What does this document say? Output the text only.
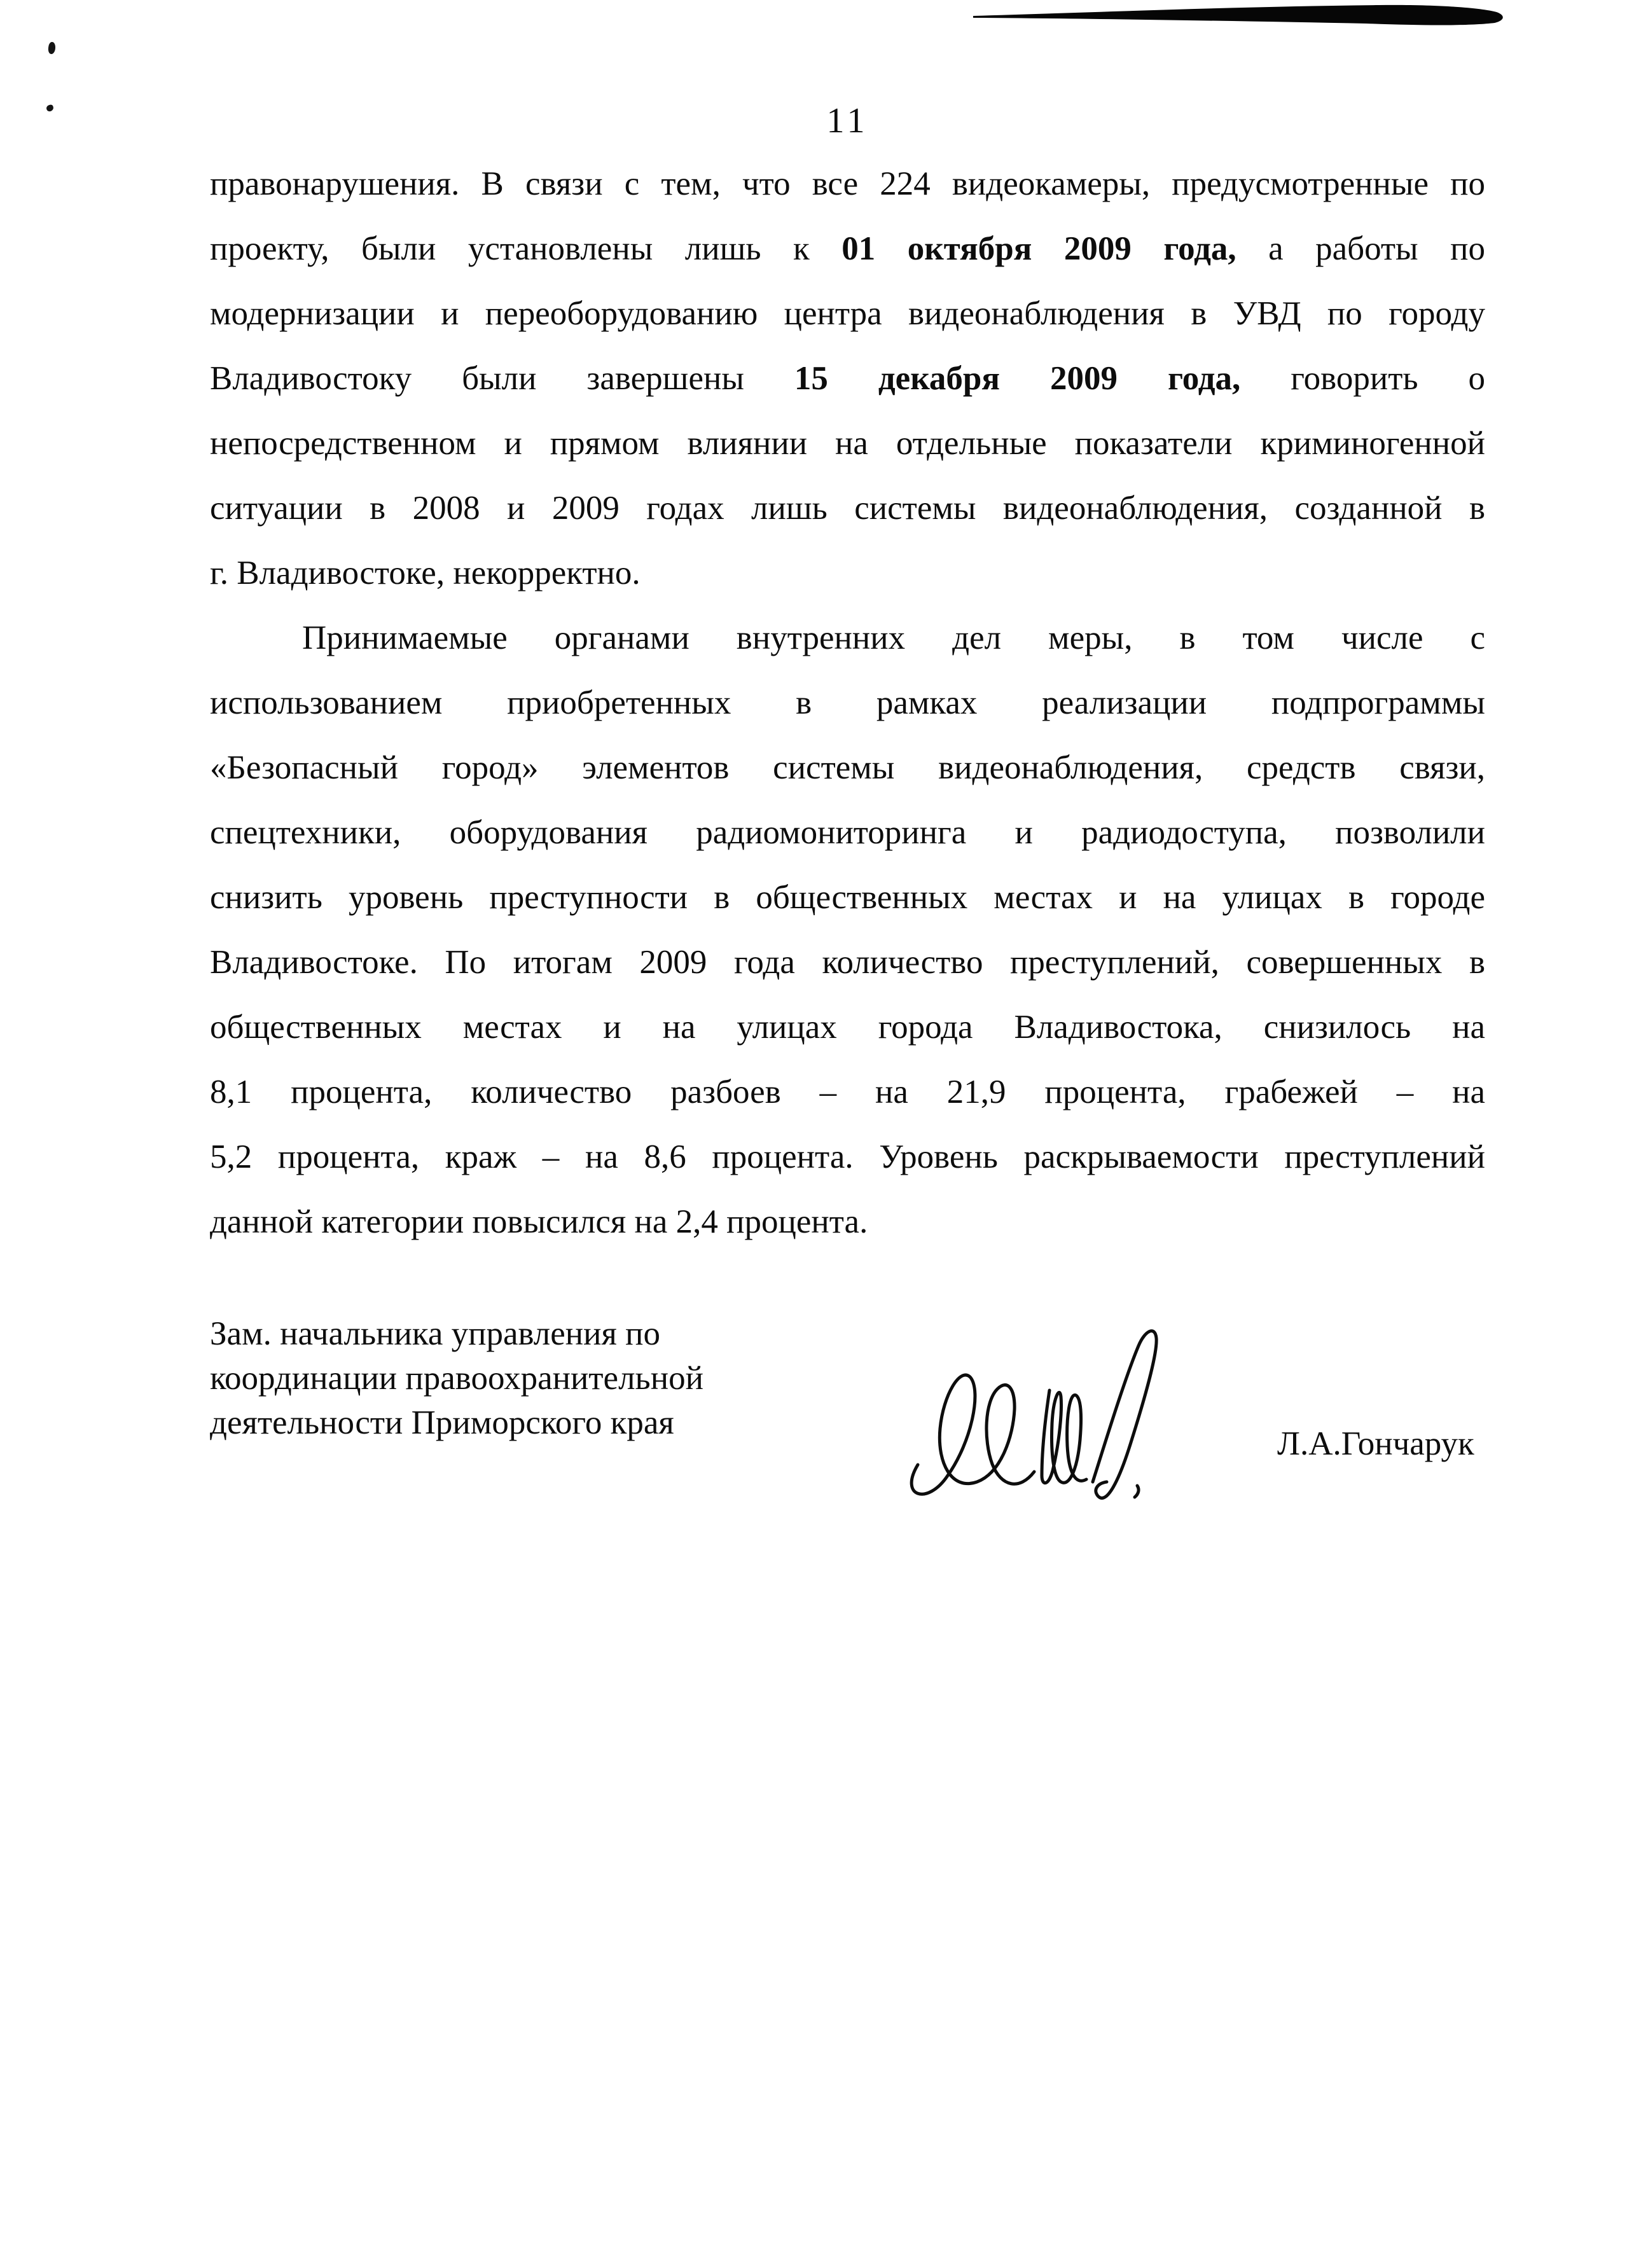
11
правонарушения. В связи с тем, что все 224 видеокамеры, предусмотренные по
проекту, были установлены лишь к 01 октября 2009 года, а работы по
модернизации и переоборудованию центра видеонаблюдения в УВД по городу
Владивостоку были завершены 15 декабря 2009 года, говорить о
непосредственном и прямом влиянии на отдельные показатели криминогенной
ситуации в 2008 и 2009 годах лишь системы видеонаблюдения, созданной в
г. Владивостоке, некорректно.
Принимаемые органами внутренних дел меры, в том числе с
использованием приобретенных в рамках реализации подпрограммы
«Безопасный город» элементов системы видеонаблюдения, средств связи,
спецтехники, оборудования радиомониторинга и радиодоступа, позволили
снизить уровень преступности в общественных местах и на улицах в городе
Владивостоке. По итогам 2009 года количество преступлений, совершенных в
общественных местах и на улицах города Владивостока, снизилось на
8,1 процента, количество разбоев – на 21,9 процента, грабежей – на
5,2 процента, краж – на 8,6 процента. Уровень раскрываемости преступлений
данной категории повысился на 2,4 процента.
Зам. начальника управления по
координации правоохранительной
деятельности Приморского края
Л.А.Гончарук
